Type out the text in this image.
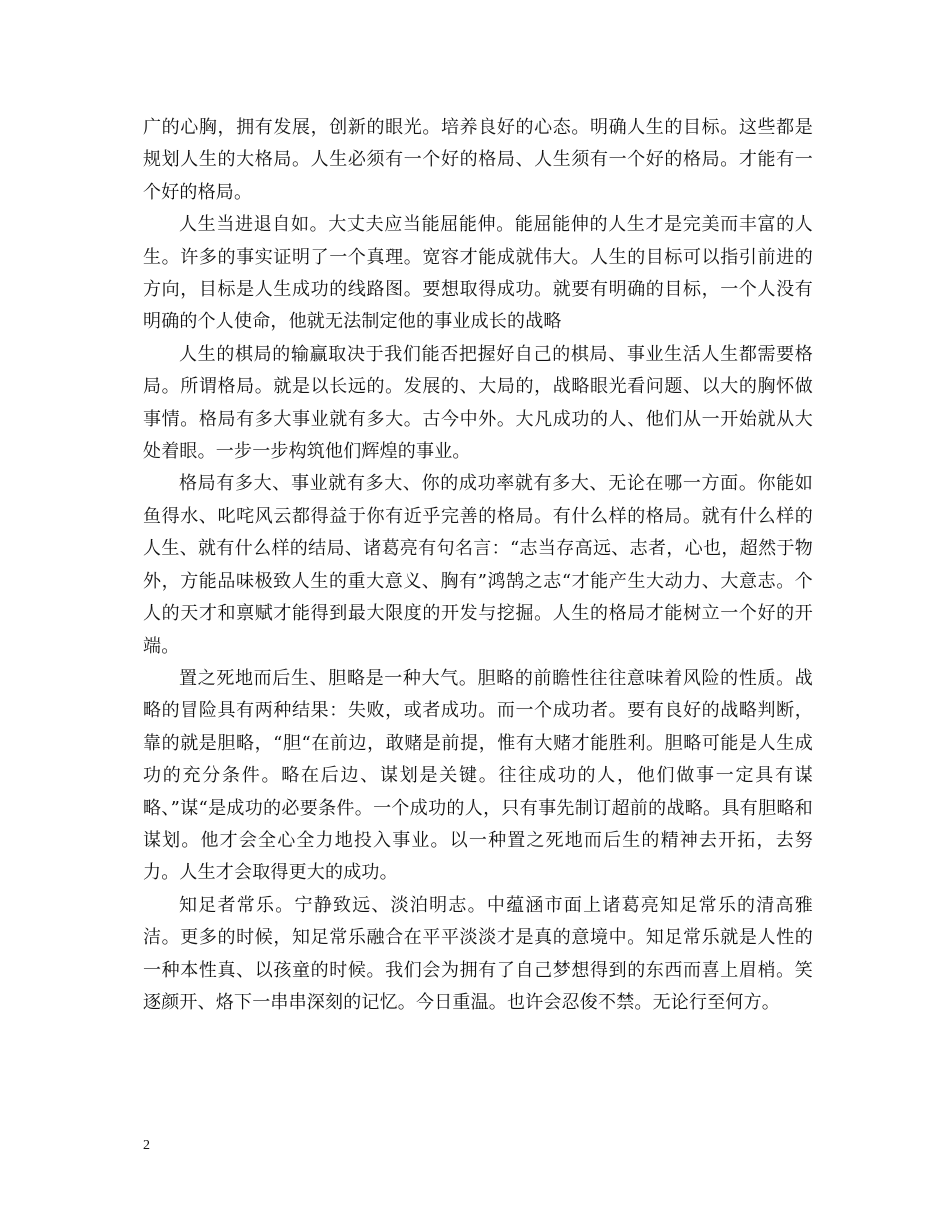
广的心胸，拥有发展，创新的眼光。培养良好的心态。明确人生的目标。这些都是规划人生的大格局。人生必须有一个好的格局、人生须有一个好的格局。才能有一个好的格局。

人生当进退自如。大丈夫应当能屈能伸。能屈能伸的人生才是完美而丰富的人生。许多的事实证明了一个真理。宽容才能成就伟大。人生的目标可以指引前进的方向，目标是人生成功的线路图。要想取得成功。就要有明确的目标，一个人没有明确的个人使命，他就无法制定他的事业成长的战略

人生的棋局的输赢取决于我们能否把握好自己的棋局、事业生活人生都需要格局。所谓格局。就是以长远的。发展的、大局的，战略眼光看问题、以大的胸怀做事情。格局有多大事业就有多大。古今中外。大凡成功的人、他们从一开始就从大处着眼。一步一步构筑他们辉煌的事业。

格局有多大、事业就有多大、你的成功率就有多大、无论在哪一方面。你能如鱼得水、叱咤风云都得益于你有近乎完善的格局。有什么样的格局。就有什么样的人生、就有什么样的结局、诸葛亮有句名言：“志当存高远、志者，心也，超然于物外，方能品味极致人生的重大意义、胸有”鸿鹄之志“才能产生大动力、大意志。个人的天才和禀赋才能得到最大限度的开发与挖掘。人生的格局才能树立一个好的开端。

置之死地而后生、胆略是一种大气。胆略的前瞻性往往意味着风险的性质。战略的冒险具有两种结果：失败，或者成功。而一个成功者。要有良好的战略判断，靠的就是胆略，“胆“在前边，敢赌是前提，惟有大赌才能胜利。胆略可能是人生成功的充分条件。略在后边、谋划是关键。往往成功的人，他们做事一定具有谋略、”谋“是成功的必要条件。一个成功的人，只有事先制订超前的战略。具有胆略和谋划。他才会全心全力地投入事业。以一种置之死地而后生的精神去开拓，去努力。人生才会取得更大的成功。

知足者常乐。宁静致远、淡泊明志。中蕴涵市面上诸葛亮知足常乐的清高雅洁。更多的时候，知足常乐融合在平平淡淡才是真的意境中。知足常乐就是人性的一种本性真、以孩童的时候。我们会为拥有了自己梦想得到的东西而喜上眉梢。笑逐颜开、烙下一串串深刻的记忆。今日重温。也许会忍俊不禁。无论行至何方。

2
